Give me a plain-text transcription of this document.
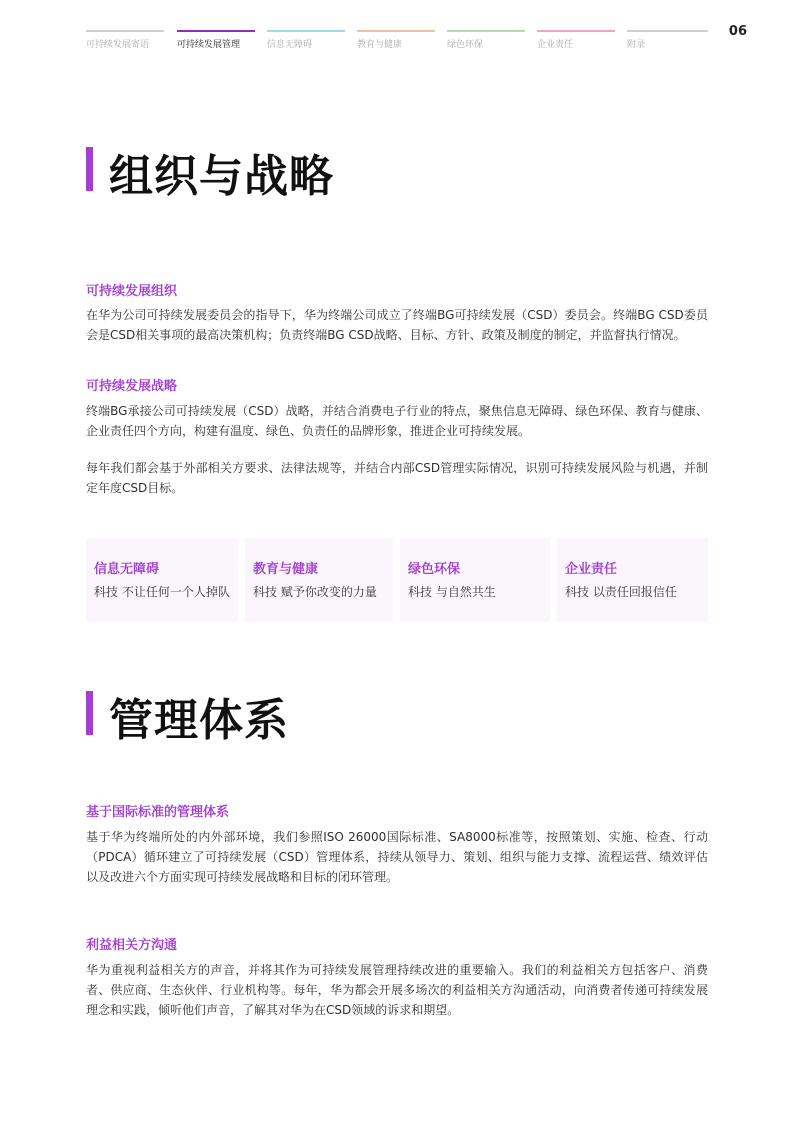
可持续发展寄语	可持续发展管理	信息无障碍	教育与健康	绿色环保	企业责任	附录
06
组织与战略
可持续发展组织
在华为公司可持续发展委员会的指导下，华为终端公司成立了终端BG可持续发展（CSD）委员会。终端BG CSD委员会是CSD相关事项的最高决策机构；负责终端BG CSD战略、目标、方针、政策及制度的制定，并监督执行情况。
可持续发展战略
终端BG承接公司可持续发展（CSD）战略，并结合消费电子行业的特点，聚焦信息无障碍、绿色环保、教育与健康、企业责任四个方向，构建有温度、绿色、负责任的品牌形象，推进企业可持续发展。
每年我们都会基于外部相关方要求、法律法规等，并结合内部CSD管理实际情况，识别可持续发展风险与机遇，并制定年度CSD目标。
信息无障碍
科技 不让任何一个人掉队
教育与健康
科技 赋予你改变的力量
绿色环保
科技 与自然共生
企业责任
科技 以责任回报信任
管理体系
基于国际标准的管理体系
基于华为终端所处的内外部环境，我们参照ISO 26000国际标准、SA8000标准等，按照策划、实施、检查、行动（PDCA）循环建立了可持续发展（CSD）管理体系，持续从领导力、策划、组织与能力支撑、流程运营、绩效评估以及改进六个方面实现可持续发展战略和目标的闭环管理。
利益相关方沟通
华为重视利益相关方的声音，并将其作为可持续发展管理持续改进的重要输入。我们的利益相关方包括客户、消费者、供应商、生态伙伴、行业机构等。每年，华为都会开展多场次的利益相关方沟通活动，向消费者传递可持续发展理念和实践，倾听他们声音，了解其对华为在CSD领域的诉求和期望。
